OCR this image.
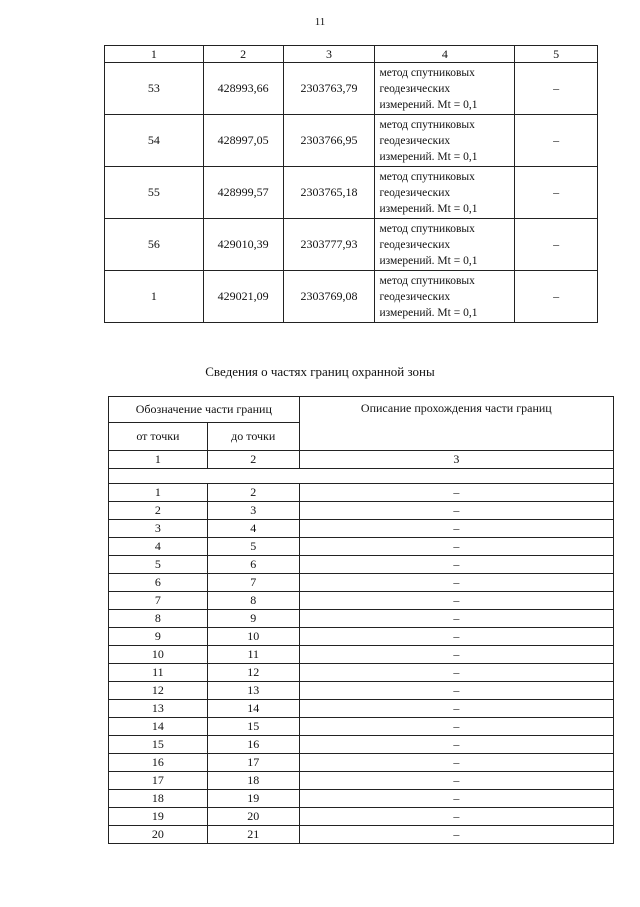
11
1	2	3	4	5
53	428993,66	2303763,79	метод спутниковых
геодезических
измерений. Mt = 0,1	–
54	428997,05	2303766,95	метод спутниковых
геодезических
измерений. Mt = 0,1	–
55	428999,57	2303765,18	метод спутниковых
геодезических
измерений. Mt = 0,1	–
56	429010,39	2303777,93	метод спутниковых
геодезических
измерений. Mt = 0,1	–
1	429021,09	2303769,08	метод спутниковых
геодезических
измерений. Mt = 0,1	–
Сведения о частях границ охранной зоны
Обозначение части границ		Описание прохождения части границ
от точки	до точки	
1	2	3

1	2	–
2	3	–
3	4	–
4	5	–
5	6	–
6	7	–
7	8	–
8	9	–
9	10	–
10	11	–
11	12	–
12	13	–
13	14	–
14	15	–
15	16	–
16	17	–
17	18	–
18	19	–
19	20	–
20	21	–
